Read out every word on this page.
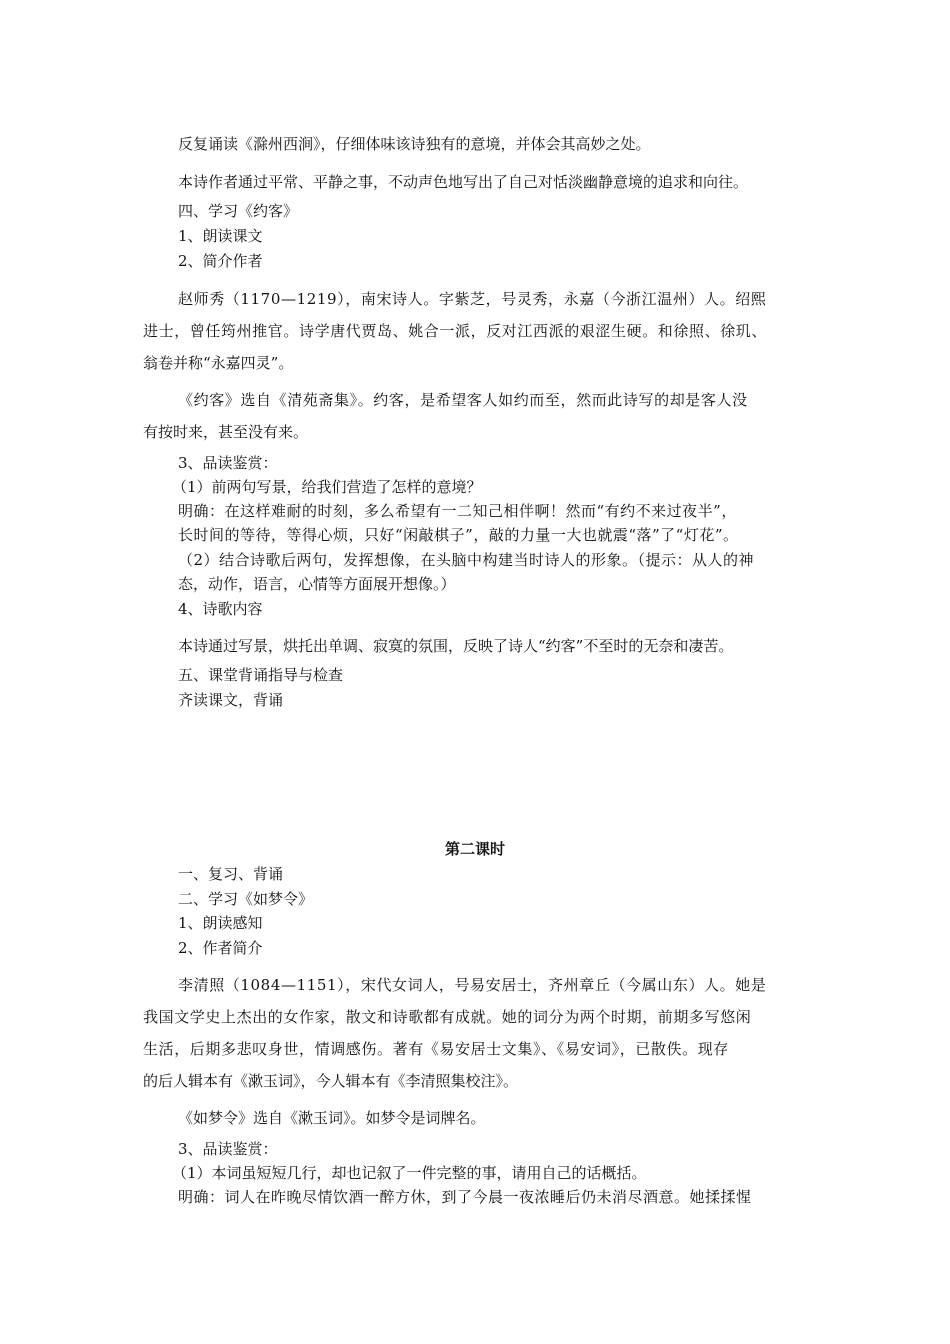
反复诵读《滁州西涧》，仔细体味该诗独有的意境，并体会其高妙之处。
本诗作者通过平常、平静之事，不动声色地写出了自己对恬淡幽静意境的追求和向往。
四、学习《约客》
1、朗读课文
2、简介作者
赵师秀（1170—1219），南宋诗人。字紫芝，号灵秀，永嘉（今浙江温州）人。绍熙
进士，曾任筠州推官。诗学唐代贾岛、姚合一派，反对江西派的艰涩生硬。和徐照、徐玑、
翁卷并称“永嘉四灵”。
《约客》选自《清苑斋集》。约客，是希望客人如约而至，然而此诗写的却是客人没
有按时来，甚至没有来。
3、品读鉴赏：
（1）前两句写景，给我们营造了怎样的意境？
明确：在这样难耐的时刻，多么希望有一二知己相伴啊！然而“有约不来过夜半”，
长时间的等待，等得心烦，只好“闲敲棋子”，敲的力量一大也就震“落”了“灯花”。
（2）结合诗歌后两句，发挥想像，在头脑中构建当时诗人的形象。（提示：从人的神
态，动作，语言，心情等方面展开想像。）
4、诗歌内容
本诗通过写景，烘托出单调、寂寞的氛围，反映了诗人“约客”不至时的无奈和凄苦。
五、课堂背诵指导与检查
齐读课文，背诵
第二课时
一、复习、背诵
二、学习《如梦令》
1、朗读感知
2、作者简介
李清照（1084—1151），宋代女词人，号易安居士，齐州章丘（今属山东）人。她是
我国文学史上杰出的女作家，散文和诗歌都有成就。她的词分为两个时期，前期多写悠闲
生活，后期多悲叹身世，情调感伤。著有《易安居士文集》、《易安词》，已散佚。现存
的后人辑本有《漱玉词》，今人辑本有《李清照集校注》。
《如梦令》选自《漱玉词》。如梦令是词牌名。
3、品读鉴赏：
（1）本词虽短短几行，却也记叙了一件完整的事，请用自己的话概括。
明确：词人在昨晚尽情饮酒一醉方休，到了今晨一夜浓睡后仍未消尽酒意。她揉揉惺
